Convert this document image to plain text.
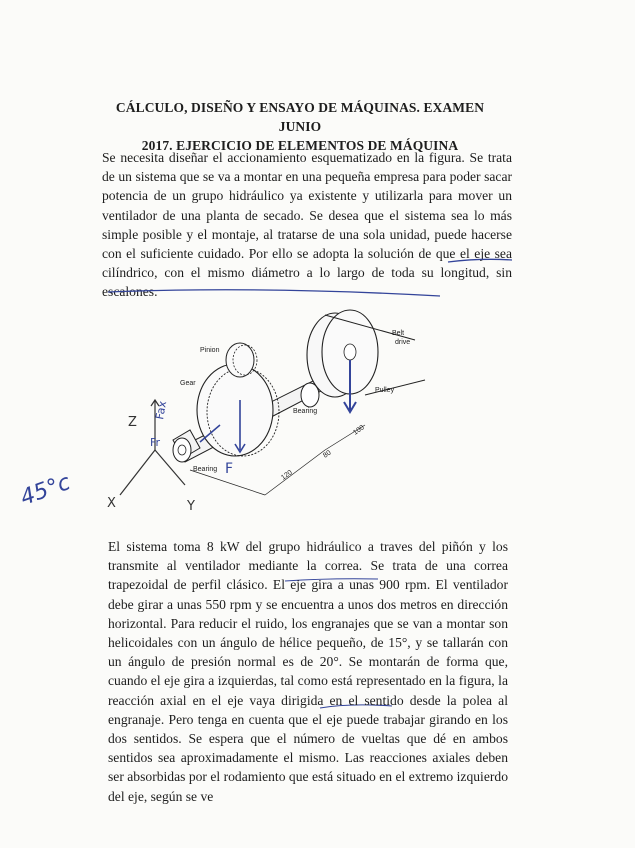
CÁLCULO, DISEÑO Y ENSAYO DE MÁQUINAS. EXAMEN JUNIO
2017. EJERCICIO DE ELEMENTOS DE MÁQUINA

Se necesita diseñar el accionamiento esquematizado en la figura. Se trata de un sistema que se va a montar en una pequeña empresa para poder sacar potencia de un grupo hidráulico ya existente y utilizarla para mover un ventilador de una planta de secado. Se desea que el sistema sea lo más simple posible y el montaje, al tratarse de una sola unidad, puede hacerse con el suficiente cuidado. Por ello se adopta la solución de que el eje sea cilíndrico, con el mismo diámetro a lo largo de toda su longitud, sin escalones.

120
80
100
Pinion
Gear
Belt
drive
Pulley
Bearing
Bearing
Z
X	Y
Fax
Fr
F
45°c

El sistema toma 8 kW del grupo hidráulico a traves del piñón y los transmite al ventilador mediante la correa. Se trata de una correa trapezoidal de perfil clásico. El eje gira a unas 900 rpm. El ventilador debe girar a unas 550 rpm y se encuentra a unos dos metros en dirección horizontal. Para reducir el ruido, los engranajes que se van a montar son helicoidales con un ángulo de hélice pequeño, de 15°, y se tallarán con un ángulo de presión normal es de 20°. Se montarán de forma que, cuando el eje gira a izquierdas, tal como está representado en la figura, la reacción axial en el eje vaya dirigida en el sentido desde la polea al engranaje. Pero tenga en cuenta que el eje puede trabajar girando en los dos sentidos. Se espera que el número de vueltas que dé en ambos sentidos sea aproximadamente el mismo. Las reacciones axiales deben ser absorbidas por el rodamiento que está situado en el extremo izquierdo del eje, según se ve
